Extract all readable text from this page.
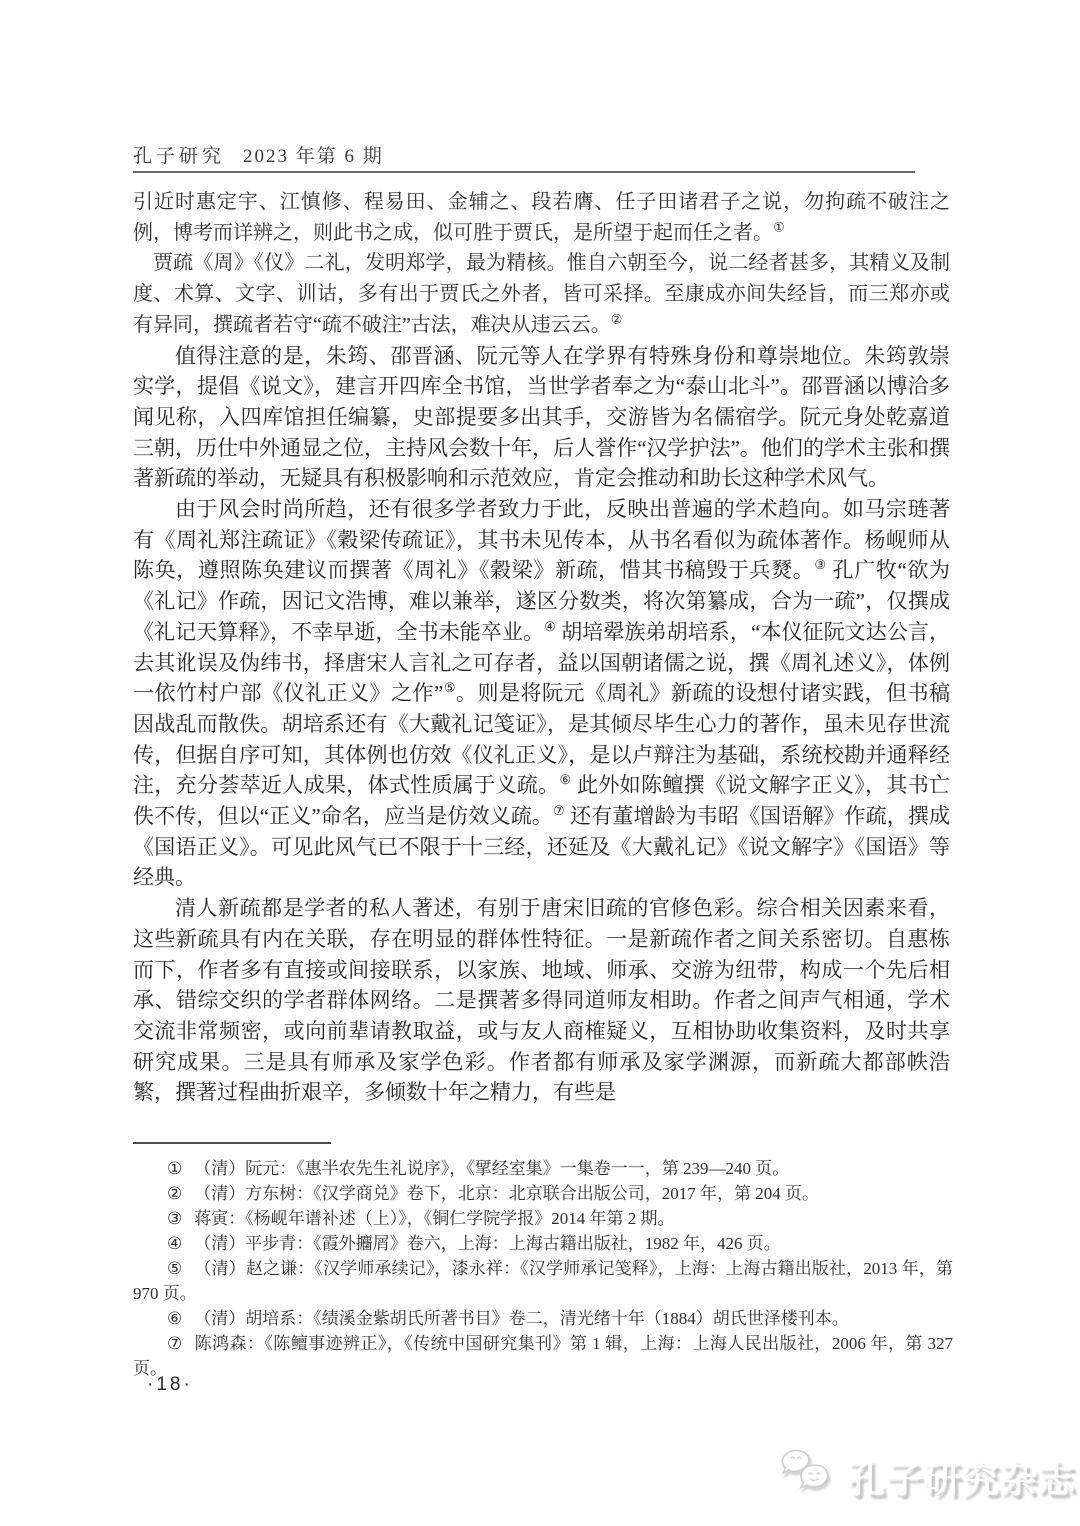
孔子研究 2023 年第 6 期

引近时惠定宇、江慎修、程易田、金辅之、段若膺、任子田诸君子之说，勿拘疏不破注之例，博考而详辨之，则此书之成，似可胜于贾氏，是所望于起而任之者。①

贾疏《周》《仪》二礼，发明郑学，最为精核。惟自六朝至今，说二经者甚多，其精义及制度、术算、文字、训诂，多有出于贾氏之外者，皆可采择。至康成亦间失经旨，而三郑亦或有异同，撰疏者若守“疏不破注”古法，难决从违云云。②

值得注意的是，朱筠、邵晋涵、阮元等人在学界有特殊身份和尊崇地位。朱筠敦崇实学，提倡《说文》，建言开四库全书馆，当世学者奉之为“泰山北斗”。邵晋涵以博洽多闻见称，入四库馆担任编纂，史部提要多出其手，交游皆为名儒宿学。阮元身处乾嘉道三朝，历仕中外通显之位，主持风会数十年，后人誉作“汉学护法”。他们的学术主张和撰著新疏的举动，无疑具有积极影响和示范效应，肯定会推动和助长这种学术风气。

由于风会时尚所趋，还有很多学者致力于此，反映出普遍的学术趋向。如马宗琏著有《周礼郑注疏证》《穀梁传疏证》，其书未见传本，从书名看似为疏体著作。杨岘师从陈奂，遵照陈奂建议而撰著《周礼》《穀梁》新疏，惜其书稿毁于兵燹。③ 孔广牧“欲为《礼记》作疏，因记文浩博，难以兼举，遂区分数类，将次第纂成，合为一疏”，仅撰成《礼记天算释》，不幸早逝，全书未能卒业。④ 胡培翚族弟胡培系，“本仪征阮文达公言，去其讹误及伪纬书，择唐宋人言礼之可存者，益以国朝诸儒之说，撰《周礼述义》，体例一依竹村户部《仪礼正义》之作”⑤。则是将阮元《周礼》新疏的设想付诸实践，但书稿因战乱而散佚。胡培系还有《大戴礼记笺证》，是其倾尽毕生心力的著作，虽未见存世流传，但据自序可知，其体例也仿效《仪礼正义》，是以卢辩注为基础，系统校勘并通释经注，充分荟萃近人成果，体式性质属于义疏。⑥ 此外如陈鳣撰《说文解字正义》，其书亡佚不传，但以“正义”命名，应当是仿效义疏。⑦ 还有董增龄为韦昭《国语解》作疏，撰成《国语正义》。可见此风气已不限于十三经，还延及《大戴礼记》《说文解字》《国语》等经典。

清人新疏都是学者的私人著述，有别于唐宋旧疏的官修色彩。综合相关因素来看，这些新疏具有内在关联，存在明显的群体性特征。一是新疏作者之间关系密切。自惠栋而下，作者多有直接或间接联系，以家族、地域、师承、交游为纽带，构成一个先后相承、错综交织的学者群体网络。二是撰著多得同道师友相助。作者之间声气相通，学术交流非常频密，或向前辈请教取益，或与友人商榷疑义，互相协助收集资料，及时共享研究成果。三是具有师承及家学色彩。作者都有师承及家学渊源，而新疏大都部帙浩繁，撰著过程曲折艰辛，多倾数十年之精力，有些是

① （清）阮元：《惠半农先生礼说序》，《揅经室集》一集卷一一，第 239—240 页。

② （清）方东树：《汉学商兑》卷下，北京：北京联合出版公司，2017 年，第 204 页。

③ 蒋寅：《杨岘年谱补述（上）》，《铜仁学院学报》2014 年第 2 期。

④ （清）平步青：《霞外攟屑》卷六，上海：上海古籍出版社，1982 年，426 页。

⑤ （清）赵之谦：《汉学师承续记》，漆永祥：《汉学师承记笺释》，上海：上海古籍出版社，2013 年，第 970 页。

⑥ （清）胡培系：《绩溪金紫胡氏所著书目》卷二，清光绪十年（1884）胡氏世泽楼刊本。

⑦ 陈鸿森：《陈鳣事迹辨正》，《传统中国研究集刊》第 1 辑，上海：上海人民出版社，2006 年，第 327 页。

·18·
孔子研究杂志
